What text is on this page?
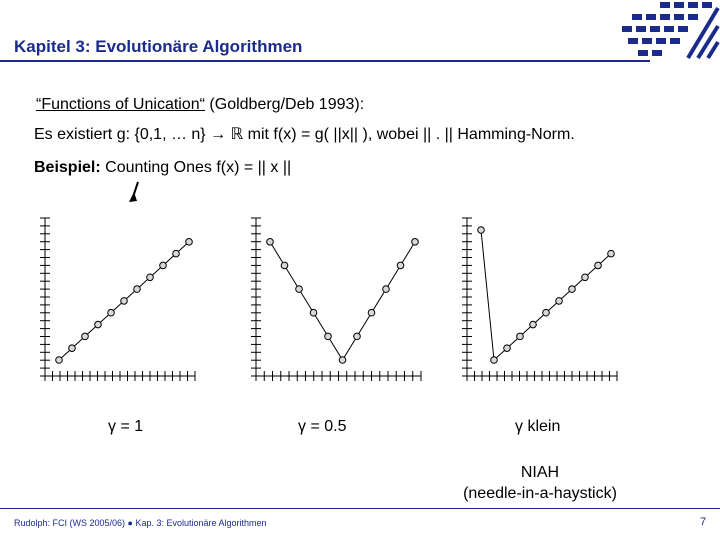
Kapitel 3: Evolutionäre Algorithmen
“Functions of Unication“ (Goldberg/Deb 1993):
Es existiert g: {0,1, … n} → ℝ mit f(x) = g( ||x|| ), wobei || . || Hamming-Norm.
Beispiel: Counting Ones f(x) = || x ||
γ = 1	γ = 0.5	γ klein
NIAH
(needle-in-a-haystick)
Rudolph: FCI (WS 2005/06) ● Kap. 3: Evolutionäre Algorithmen	7
